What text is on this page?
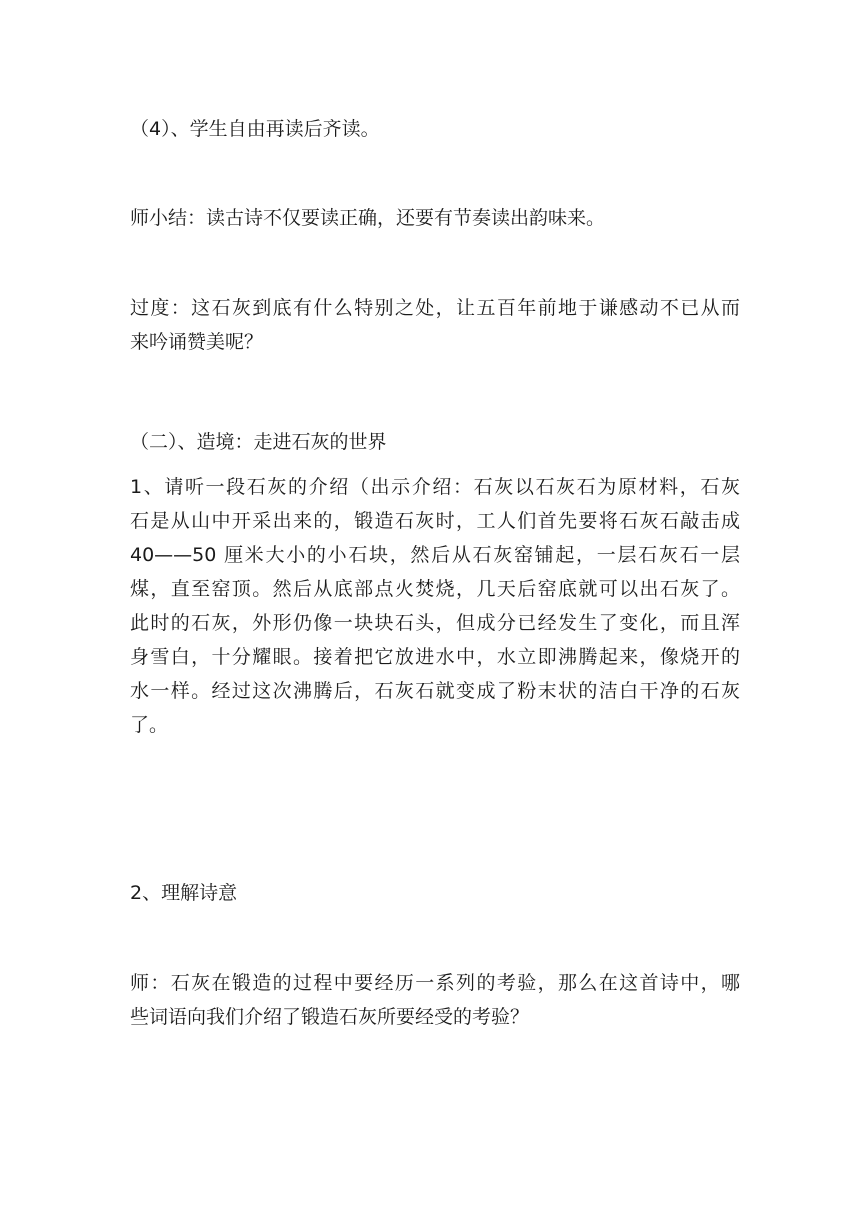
（4）、学生自由再读后齐读。

师小结：读古诗不仅要读正确，还要有节奏读出韵味来。

过度：这石灰到底有什么特别之处，让五百年前地于谦感动不已从而
来吟诵赞美呢？

（二）、造境：走进石灰的世界

1、请听一段石灰的介绍（出示介绍：石灰以石灰石为原材料，石灰
石是从山中开采出来的，锻造石灰时，工人们首先要将石灰石敲击成
40——50 厘米大小的小石块，然后从石灰窑铺起，一层石灰石一层
煤，直至窑顶。然后从底部点火焚烧，几天后窑底就可以出石灰了。
此时的石灰，外形仍像一块块石头，但成分已经发生了变化，而且浑
身雪白，十分耀眼。接着把它放进水中，水立即沸腾起来，像烧开的
水一样。经过这次沸腾后，石灰石就变成了粉末状的洁白干净的石灰
了。

2、理解诗意

师：石灰在锻造的过程中要经历一系列的考验，那么在这首诗中，哪
些词语向我们介绍了锻造石灰所要经受的考验？
